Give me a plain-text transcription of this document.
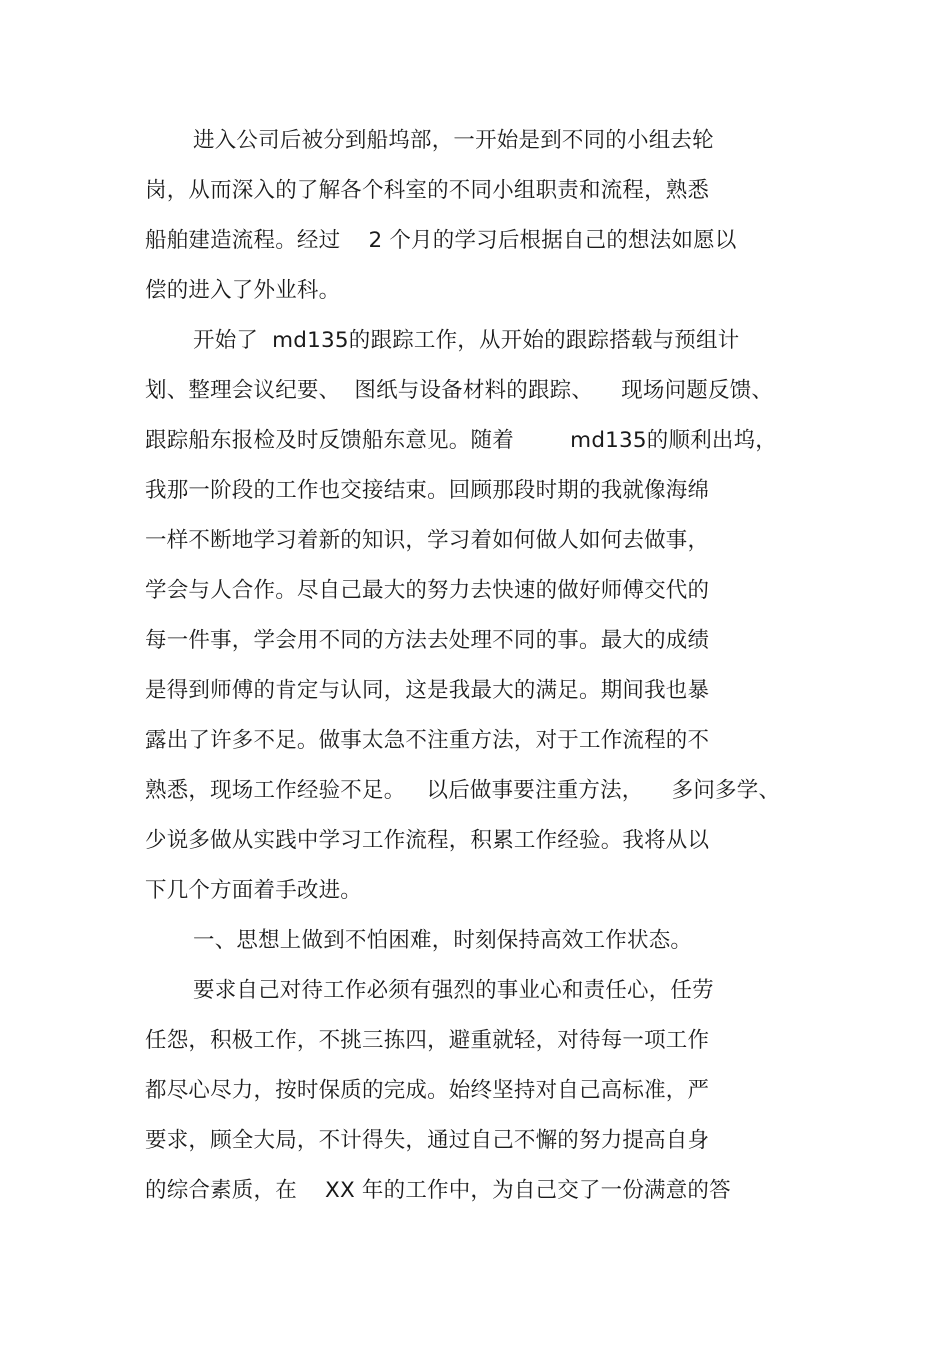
进入公司后被分到船坞部，一开始是到不同的小组去轮
岗，从而深入的了解各个科室的不同小组职责和流程，熟悉
船舶建造流程。经过    2 个月的学习后根据自己的想法如愿以
偿的进入了外业科。
开始了  md135的跟踪工作，从开始的跟踪搭载与预组计
划、整理会议纪要、  图纸与设备材料的跟踪、    现场问题反馈、
跟踪船东报检及时反馈船东意见。随着        md135的顺利出坞，
我那一阶段的工作也交接结束。回顾那段时期的我就像海绵
一样不断地学习着新的知识，学习着如何做人如何去做事，
学会与人合作。尽自己最大的努力去快速的做好师傅交代的
每一件事，学会用不同的方法去处理不同的事。最大的成绩
是得到师傅的肯定与认同，这是我最大的满足。期间我也暴
露出了许多不足。做事太急不注重方法，对于工作流程的不
熟悉，现场工作经验不足。   以后做事要注重方法，    多问多学、
少说多做从实践中学习工作流程，积累工作经验。我将从以
下几个方面着手改进。
一、思想上做到不怕困难，时刻保持高效工作状态。
要求自己对待工作必须有强烈的事业心和责任心，任劳
任怨，积极工作，不挑三拣四，避重就轻，对待每一项工作
都尽心尽力，按时保质的完成。始终坚持对自己高标准，严
要求，顾全大局，不计得失，通过自己不懈的努力提高自身
的综合素质，在    XX 年的工作中，为自己交了一份满意的答
